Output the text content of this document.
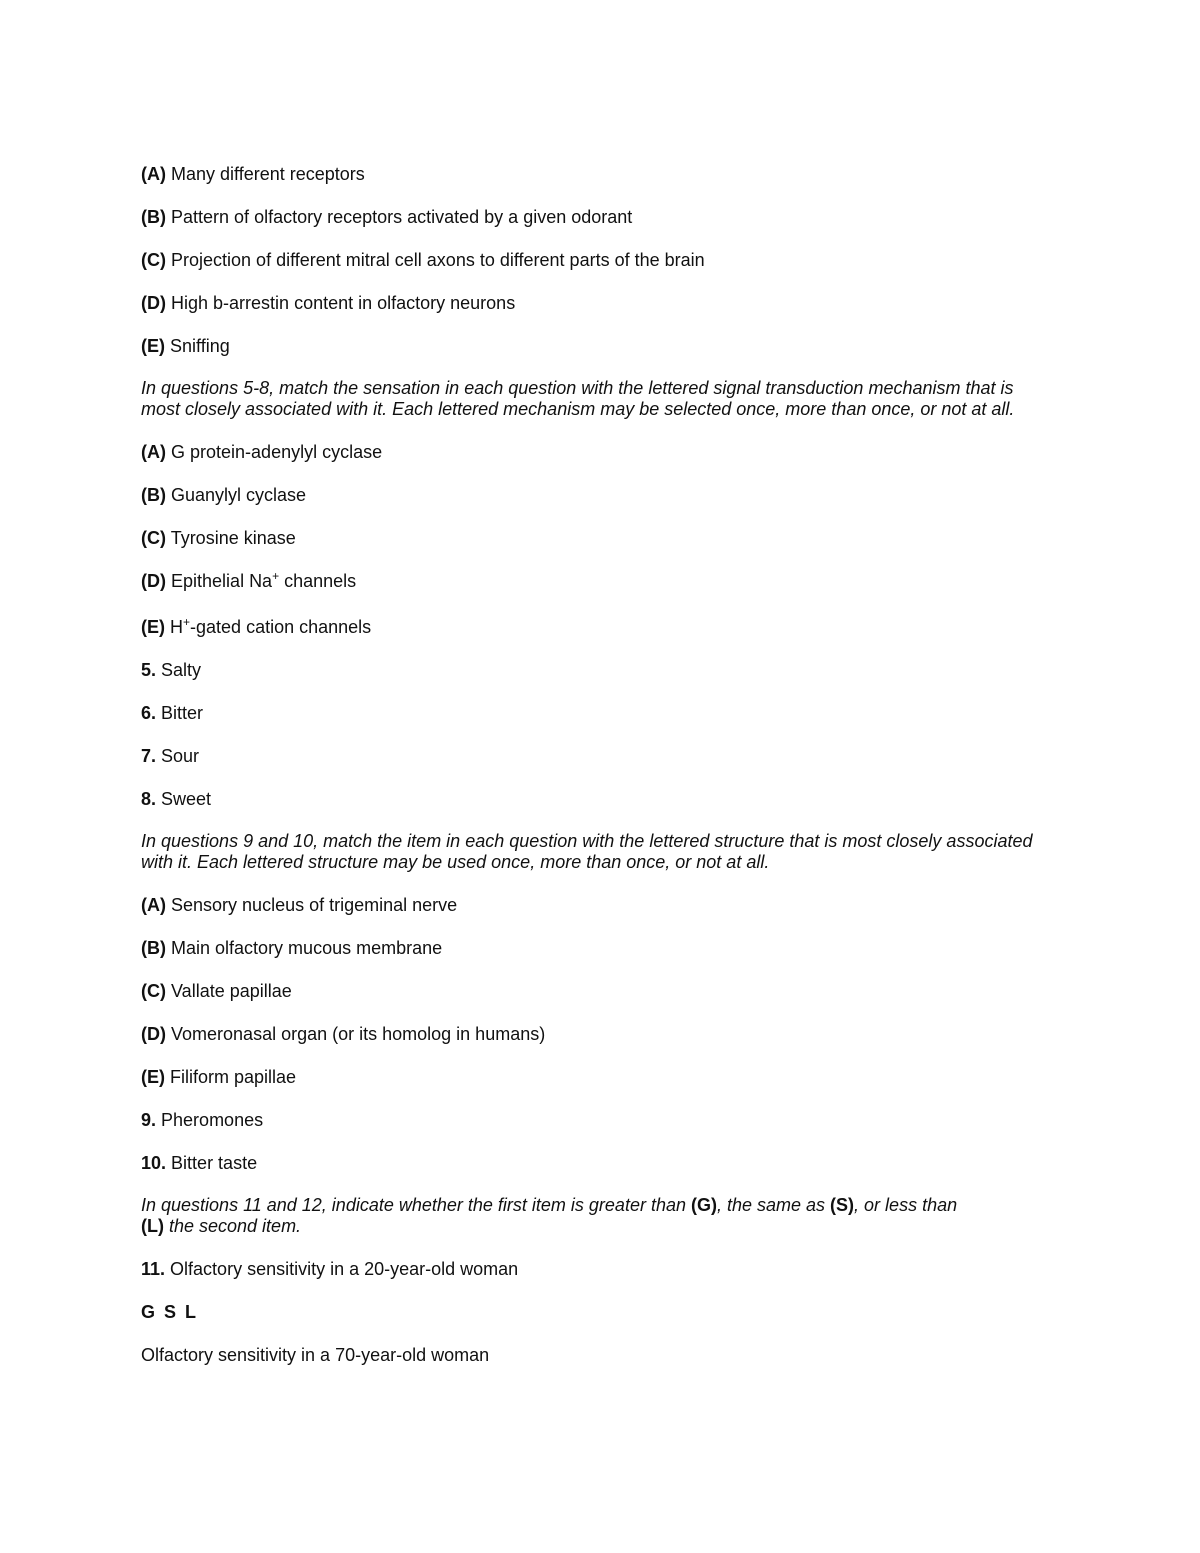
(A) Many different receptors
(B) Pattern of olfactory receptors activated by a given odorant
(C) Projection of different mitral cell axons to different parts of the brain
(D) High b-arrestin content in olfactory neurons
(E) Sniffing
In questions 5-8, match the sensation in each question with the lettered signal transduction mechanism that is most closely associated with it. Each lettered mechanism may be selected once, more than once, or not at all.
(A) G protein-adenylyl cyclase
(B) Guanylyl cyclase
(C) Tyrosine kinase
(D) Epithelial Na+ channels
(E) H+-gated cation channels
5. Salty
6. Bitter
7. Sour
8. Sweet
In questions 9 and 10, match the item in each question with the lettered structure that is most closely associated with it. Each lettered structure may be used once, more than once, or not at all.
(A) Sensory nucleus of trigeminal nerve
(B) Main olfactory mucous membrane
(C) Vallate papillae
(D) Vomeronasal organ (or its homolog in humans)
(E) Filiform papillae
9. Pheromones
10. Bitter taste
In questions 11 and 12, indicate whether the first item is greater than (G), the same as (S), or less than
(L) the second item.
11. Olfactory sensitivity in a 20-year-old woman
G S L
Olfactory sensitivity in a 70-year-old woman
